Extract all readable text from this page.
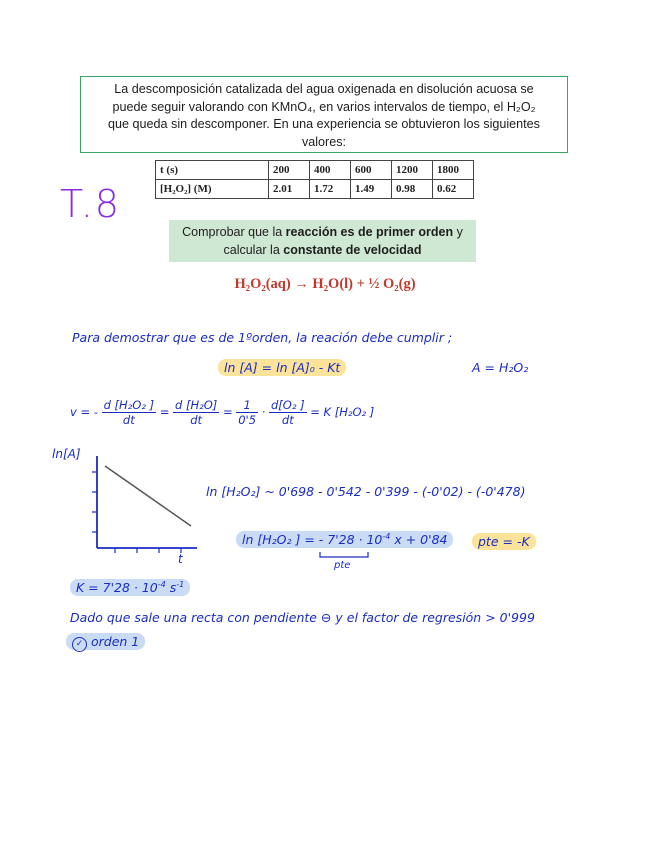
La descomposición catalizada del agua oxigenada en disolución acuosa se
puede seguir valorando con KMnO₄, en varios intervalos de tiempo, el H₂O₂
que queda sin descomponer. En una experiencia se obtuvieron los siguientes
valores:
t (s)	200	400	600	1200	1800
[H₂O₂] (M)	2.01	1.72	1.49	0.98	0.62
T.8
Comprobar que la reacción es de primer orden y
calcular la constante de velocidad
H₂O₂(aq) → H₂O(l) + ½ O₂(g)
Para demostrar que es de 1ºorden, la reación debe cumplir ;
ln [A] = ln [A]₀ - Kt	A = H₂O₂
v = - $\frac{\text{d [H₂O₂ ]}}{dt} = \frac{\text{d [H₂O]}}{dt} = \frac{1}{0'5} \cdot \frac{\text{d[O₂ ]}}{dt} = K$ [H₂O₂ ]
ln[A]
t
ln [H₂O₂] ~ 0'698 - 0'542 - 0'399 - (-0'02) - (-0'478)
ln [H₂O₂ ] = - $7'28 \cdot 10^{-4}$ x + 0'84
pte
pte = -K
$K = 7'28 \cdot 10^{-4}$ $s^{-1}$
Dado que sale una recta con pendiente ⊖ y el factor de regresión > 0'999
✓ orden 1
